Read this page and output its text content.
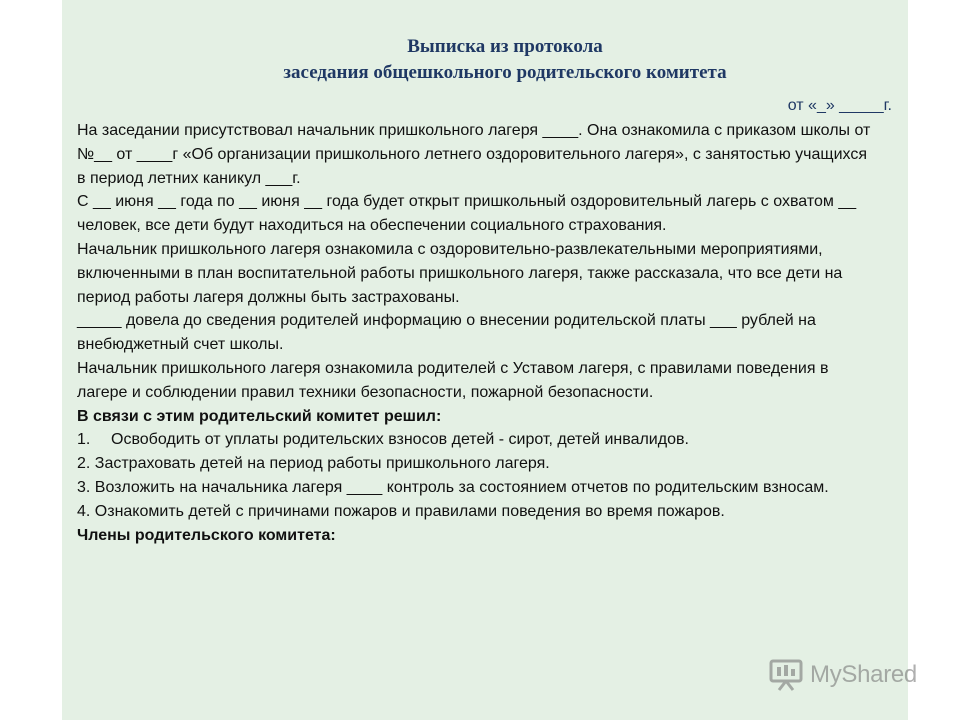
Выписка из протокола
заседания общешкольного родительского комитета
от «_» _____г.

На заседании присутствовал начальник пришкольного лагеря ____. Она ознакомила с приказом школы от №__ от ____г «Об организации пришкольного летнего оздоровительного лагеря», с занятостью учащихся в период летних каникул ___г.

С __ июня __ года по __ июня __ года будет открыт пришкольный оздоровительный лагерь с охватом __ человек, все дети будут находиться на обеспечении социального страхования.

Начальник пришкольного лагеря ознакомила с оздоровительно-развлекательными мероприятиями, включенными в план воспитательной работы пришкольного лагеря, также рассказала, что все дети на период работы лагеря должны быть застрахованы.

_____ довела до сведения родителей информацию о внесении родительской платы ___ рублей на внебюджетный счет школы.

Начальник пришкольного лагеря ознакомила родителей с Уставом лагеря, с правилами поведения в лагере и соблюдении правил техники безопасности, пожарной безопасности.

В связи с этим родительский комитет решил:

1. Освободить от уплаты родительских взносов детей - сирот, детей инвалидов.

2. Застраховать детей на период работы пришкольного лагеря.

3. Возложить на начальника лагеря ____ контроль за состоянием отчетов по родительским взносам.

4. Ознакомить детей с причинами пожаров и правилами поведения во время пожаров.

Члены родительского комитета:

MyShared
